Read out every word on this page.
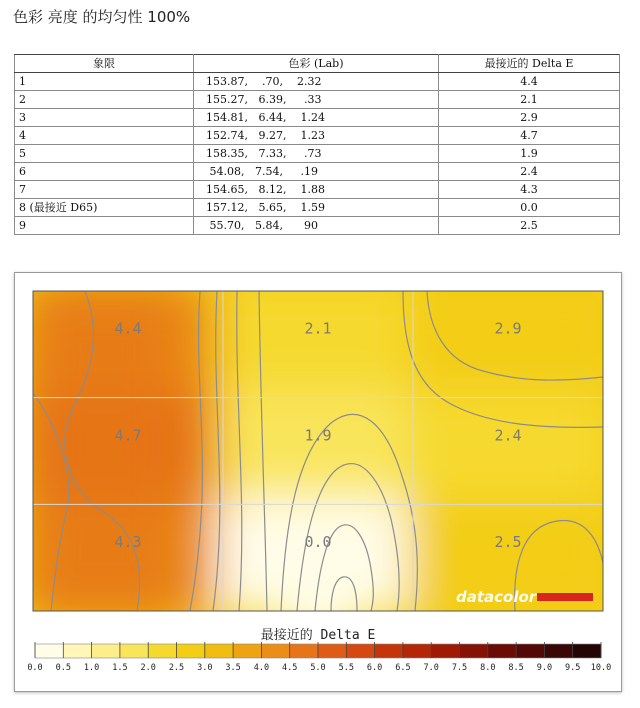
色彩 亮度 的均匀性 100%
象限	色彩 (Lab)	最接近的 Delta E
1	153.87,    .70,    2.32	4.4
2	155.27,   6.39,     .33	2.1
3	154.81,   6.44,    1.24	2.9
4	152.74,   9.27,    1.23	4.7
5	158.35,   7.33,     .73	1.9
6	54.08,   7.54,     .19	2.4
7	154.65,   8.12,    1.88	4.3
8 (最接近 D65)	157.12,   5.65,    1.59	0.0
9	55.70,   5.84,      90	2.5
4.4	2.1	2.9
4.7	1.9	2.4
4.3	0.0	2.5
datacolor
最接近的 Delta E
0.0 0.5 1.0 1.5 2.0 2.5 3.0 3.5 4.0 4.5 5.0 5.5 6.0 6.5 7.0 7.5 8.0 8.5 9.0 9.5 10.0
